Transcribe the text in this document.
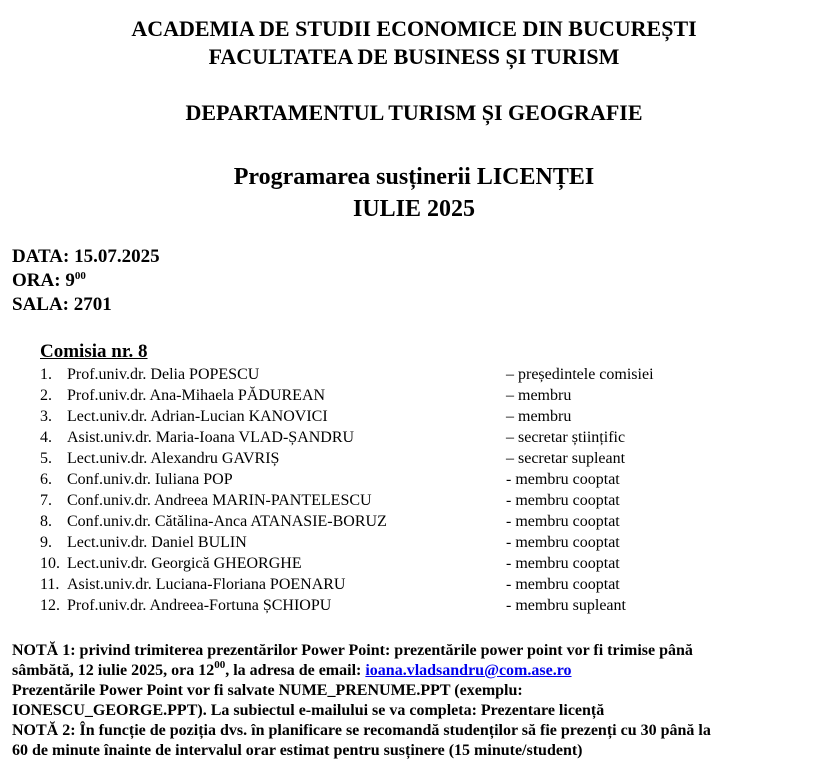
ACADEMIA DE STUDII ECONOMICE DIN BUCUREȘTI
FACULTATEA DE BUSINESS ȘI TURISM
DEPARTAMENTUL TURISM ȘI GEOGRAFIE
Programarea susținerii LICENȚEI
IULIE 2025
DATA: 15.07.2025
ORA: $9^{00}$
SALA: 2701
Comisia nr. 8
1. Prof.univ.dr. Delia POPESCU	– președintele comisiei
2. Prof.univ.dr. Ana-Mihaela PĂDUREAN	– membru
3. Lect.univ.dr. Adrian-Lucian KANOVICI	– membru
4. Asist.univ.dr. Maria-Ioana VLAD-ȘANDRU	– secretar științific
5. Lect.univ.dr. Alexandru GAVRIȘ	– secretar supleant
6. Conf.univ.dr. Iuliana POP	- membru cooptat
7. Conf.univ.dr. Andreea MARIN-PANTELESCU	- membru cooptat
8. Conf.univ.dr. Cătălina-Anca ATANASIE-BORUZ	- membru cooptat
9. Lect.univ.dr. Daniel BULIN	- membru cooptat
10. Lect.univ.dr. Georgică GHEORGHE	- membru cooptat
11. Asist.univ.dr. Luciana-Floriana POENARU	- membru cooptat
12. Prof.univ.dr. Andreea-Fortuna ȘCHIOPU	- membru supleant
NOTĂ 1: privind trimiterea prezentărilor Power Point: prezentările power point vor fi trimise până
sâmbătă, 12 iulie 2025, ora $12^{00}$, la adresa de email: ioana.vladsandru@com.ase.ro
Prezentările Power Point vor fi salvate NUME_PRENUME.PPT (exemplu:
IONESCU_GEORGE.PPT). La subiectul e-mailului se va completa: Prezentare licență
NOTĂ 2: În funcție de poziția dvs. în planificare se recomandă studenților să fie prezenți cu 30 până la
60 de minute înainte de intervalul orar estimat pentru susținere (15 minute/student)
